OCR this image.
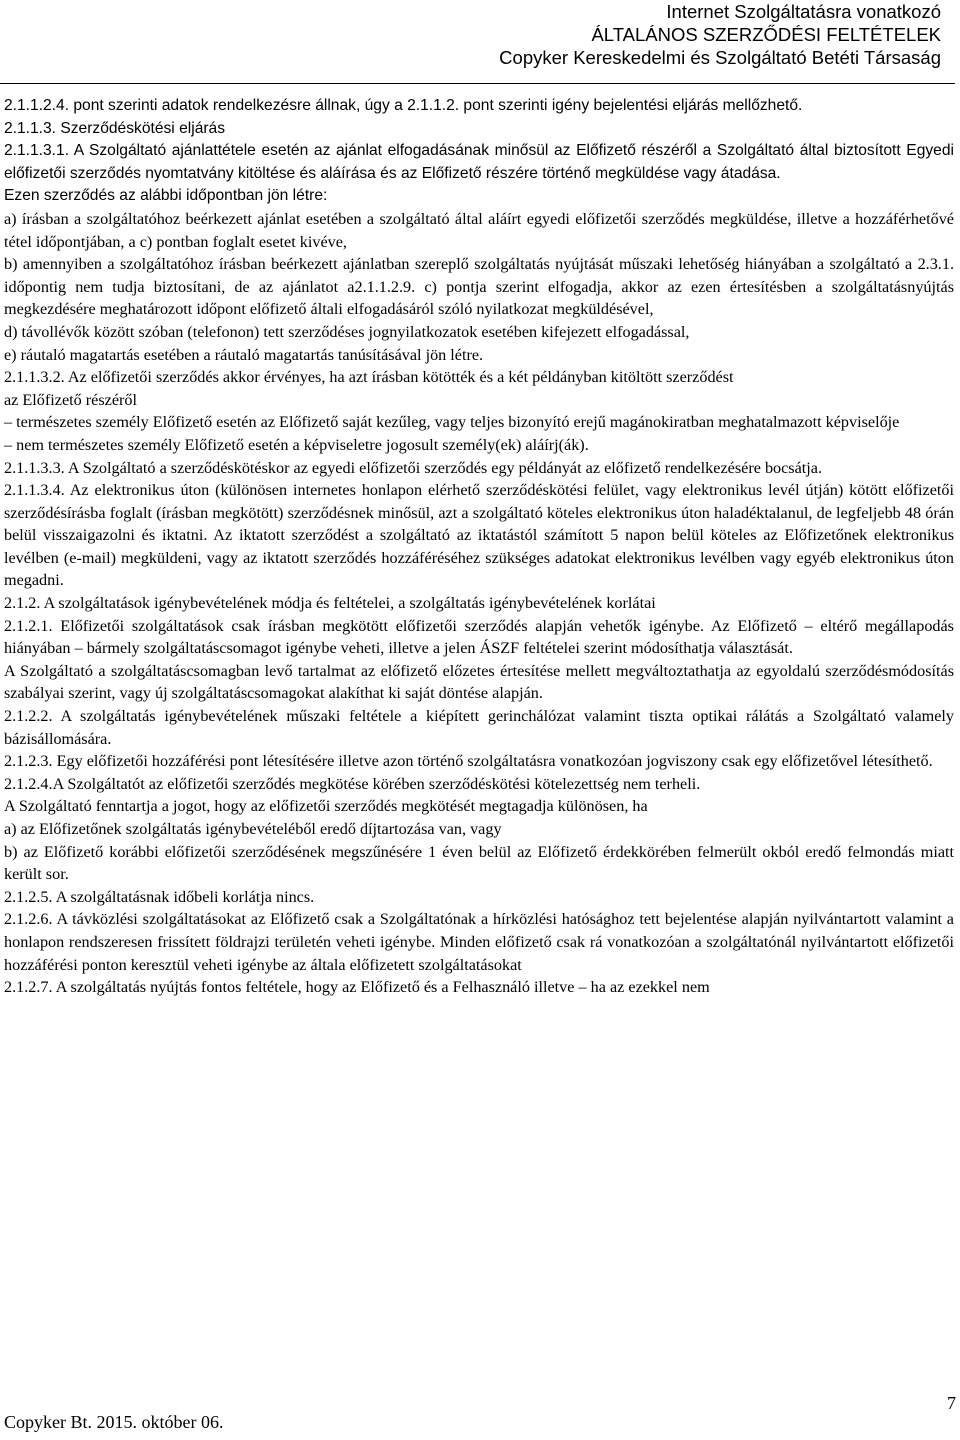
Internet Szolgáltatásra vonatkozó
ÁLTALÁNOS SZERZŐDÉSI FELTÉTELEK
Copyker Kereskedelmi és Szolgáltató Betéti Társaság

2.1.1.2.4. pont szerinti adatok rendelkezésre állnak, úgy a 2.1.1.2. pont szerinti igény bejelentési eljárás mellőzhető.

2.1.1.3. Szerződéskötési eljárás

2.1.1.3.1. A Szolgáltató ajánlattétele esetén az ajánlat elfogadásának minősül az Előfizető részéről a Szolgáltató által biztosított Egyedi előfizetői szerződés nyomtatvány kitöltése és aláírása és az Előfizető részére történő megküldése vagy átadása.

Ezen szerződés az alábbi időpontban jön létre:

a) írásban a szolgáltatóhoz beérkezett ajánlat esetében a szolgáltató által aláírt egyedi előfizetői szerződés megküldése, illetve a hozzáférhetővé tétel időpontjában, a c) pontban foglalt esetet kivéve,

b) amennyiben a szolgáltatóhoz írásban beérkezett ajánlatban szereplő szolgáltatás nyújtását műszaki lehetőség hiányában a szolgáltató a 2.3.1. időpontig nem tudja biztosítani, de az ajánlatot a2.1.1.2.9. c) pontja szerint elfogadja, akkor az ezen értesítésben a szolgáltatásnyújtás megkezdésére meghatározott időpont előfizető általi elfogadásáról szóló nyilatkozat megküldésével,

d) távollévők között szóban (telefonon) tett szerződéses jognyilatkozatok esetében kifejezett elfogadással,

e) ráutaló magatartás esetében a ráutaló magatartás tanúsításával jön létre.

2.1.1.3.2. Az előfizetői szerződés akkor érvényes, ha azt írásban kötötték és a két példányban kitöltött szerződést

az Előfizető részéről

– természetes személy Előfizető esetén az Előfizető saját kezűleg, vagy teljes bizonyító erejű magánokiratban meghatalmazott képviselője

– nem természetes személy Előfizető esetén a képviseletre jogosult személy(ek) aláírj(ák).

2.1.1.3.3. A Szolgáltató a szerződéskötéskor az egyedi előfizetői szerződés egy példányát az előfizető rendelkezésére bocsátja.

2.1.1.3.4. Az elektronikus úton (különösen internetes honlapon elérhető szerződéskötési felület, vagy elektronikus levél útján) kötött előfizetői szerződésírásba foglalt (írásban megkötött) szerződésnek minősül, azt a szolgáltató köteles elektronikus úton haladéktalanul, de legfeljebb 48 órán belül visszaigazolni és iktatni. Az iktatott szerződést a szolgáltató az iktatástól számított 5 napon belül köteles az Előfizetőnek elektronikus levélben (e-mail) megküldeni, vagy az iktatott szerződés hozzáféréséhez szükséges adatokat elektronikus levélben vagy egyéb elektronikus úton megadni.

2.1.2. A szolgáltatások igénybevételének módja és feltételei, a szolgáltatás igénybevételének korlátai

2.1.2.1. Előfizetői szolgáltatások csak írásban megkötött előfizetői szerződés alapján vehetők igénybe. Az Előfizető – eltérő megállapodás hiányában – bármely szolgáltatáscsomagot igénybe veheti, illetve a jelen ÁSZF feltételei szerint módosíthatja választását.

A Szolgáltató a szolgáltatáscsomagban levő tartalmat az előfizető előzetes értesítése mellett megváltoztathatja az egyoldalú szerződésmódosítás szabályai szerint, vagy új szolgáltatáscsomagokat alakíthat ki saját döntése alapján.

2.1.2.2. A szolgáltatás igénybevételének műszaki feltétele a kiépített gerinchálózat valamint tiszta optikai rálátás a Szolgáltató valamely bázisállomására.

2.1.2.3. Egy előfizetői hozzáférési pont létesítésére illetve azon történő szolgáltatásra vonatkozóan jogviszony csak egy előfizetővel létesíthető.

2.1.2.4.A Szolgáltatót az előfizetői szerződés megkötése körében szerződéskötési kötelezettség nem terheli.

A Szolgáltató fenntartja a jogot, hogy az előfizetői szerződés megkötését megtagadja különösen, ha

a) az Előfizetőnek szolgáltatás igénybevételéből eredő díjtartozása van, vagy

b) az Előfizető korábbi előfizetői szerződésének megszűnésére 1 éven belül az Előfizető érdekkörében felmerült okból eredő felmondás miatt került sor.

2.1.2.5. A szolgáltatásnak időbeli korlátja nincs.

2.1.2.6. A távközlési szolgáltatásokat az Előfizető csak a Szolgáltatónak a hírközlési hatósághoz tett bejelentése alapján nyilvántartott valamint a honlapon rendszeresen frissített földrajzi területén veheti igénybe. Minden előfizető csak rá vonatkozóan a szolgáltatónál nyilvántartott előfizetői hozzáférési ponton keresztül veheti igénybe az általa előfizetett szolgáltatásokat

2.1.2.7. A szolgáltatás nyújtás fontos feltétele, hogy az Előfizető és a Felhasználó illetve – ha az ezekkel nem

Copyker Bt. 2015. október 06.
7
